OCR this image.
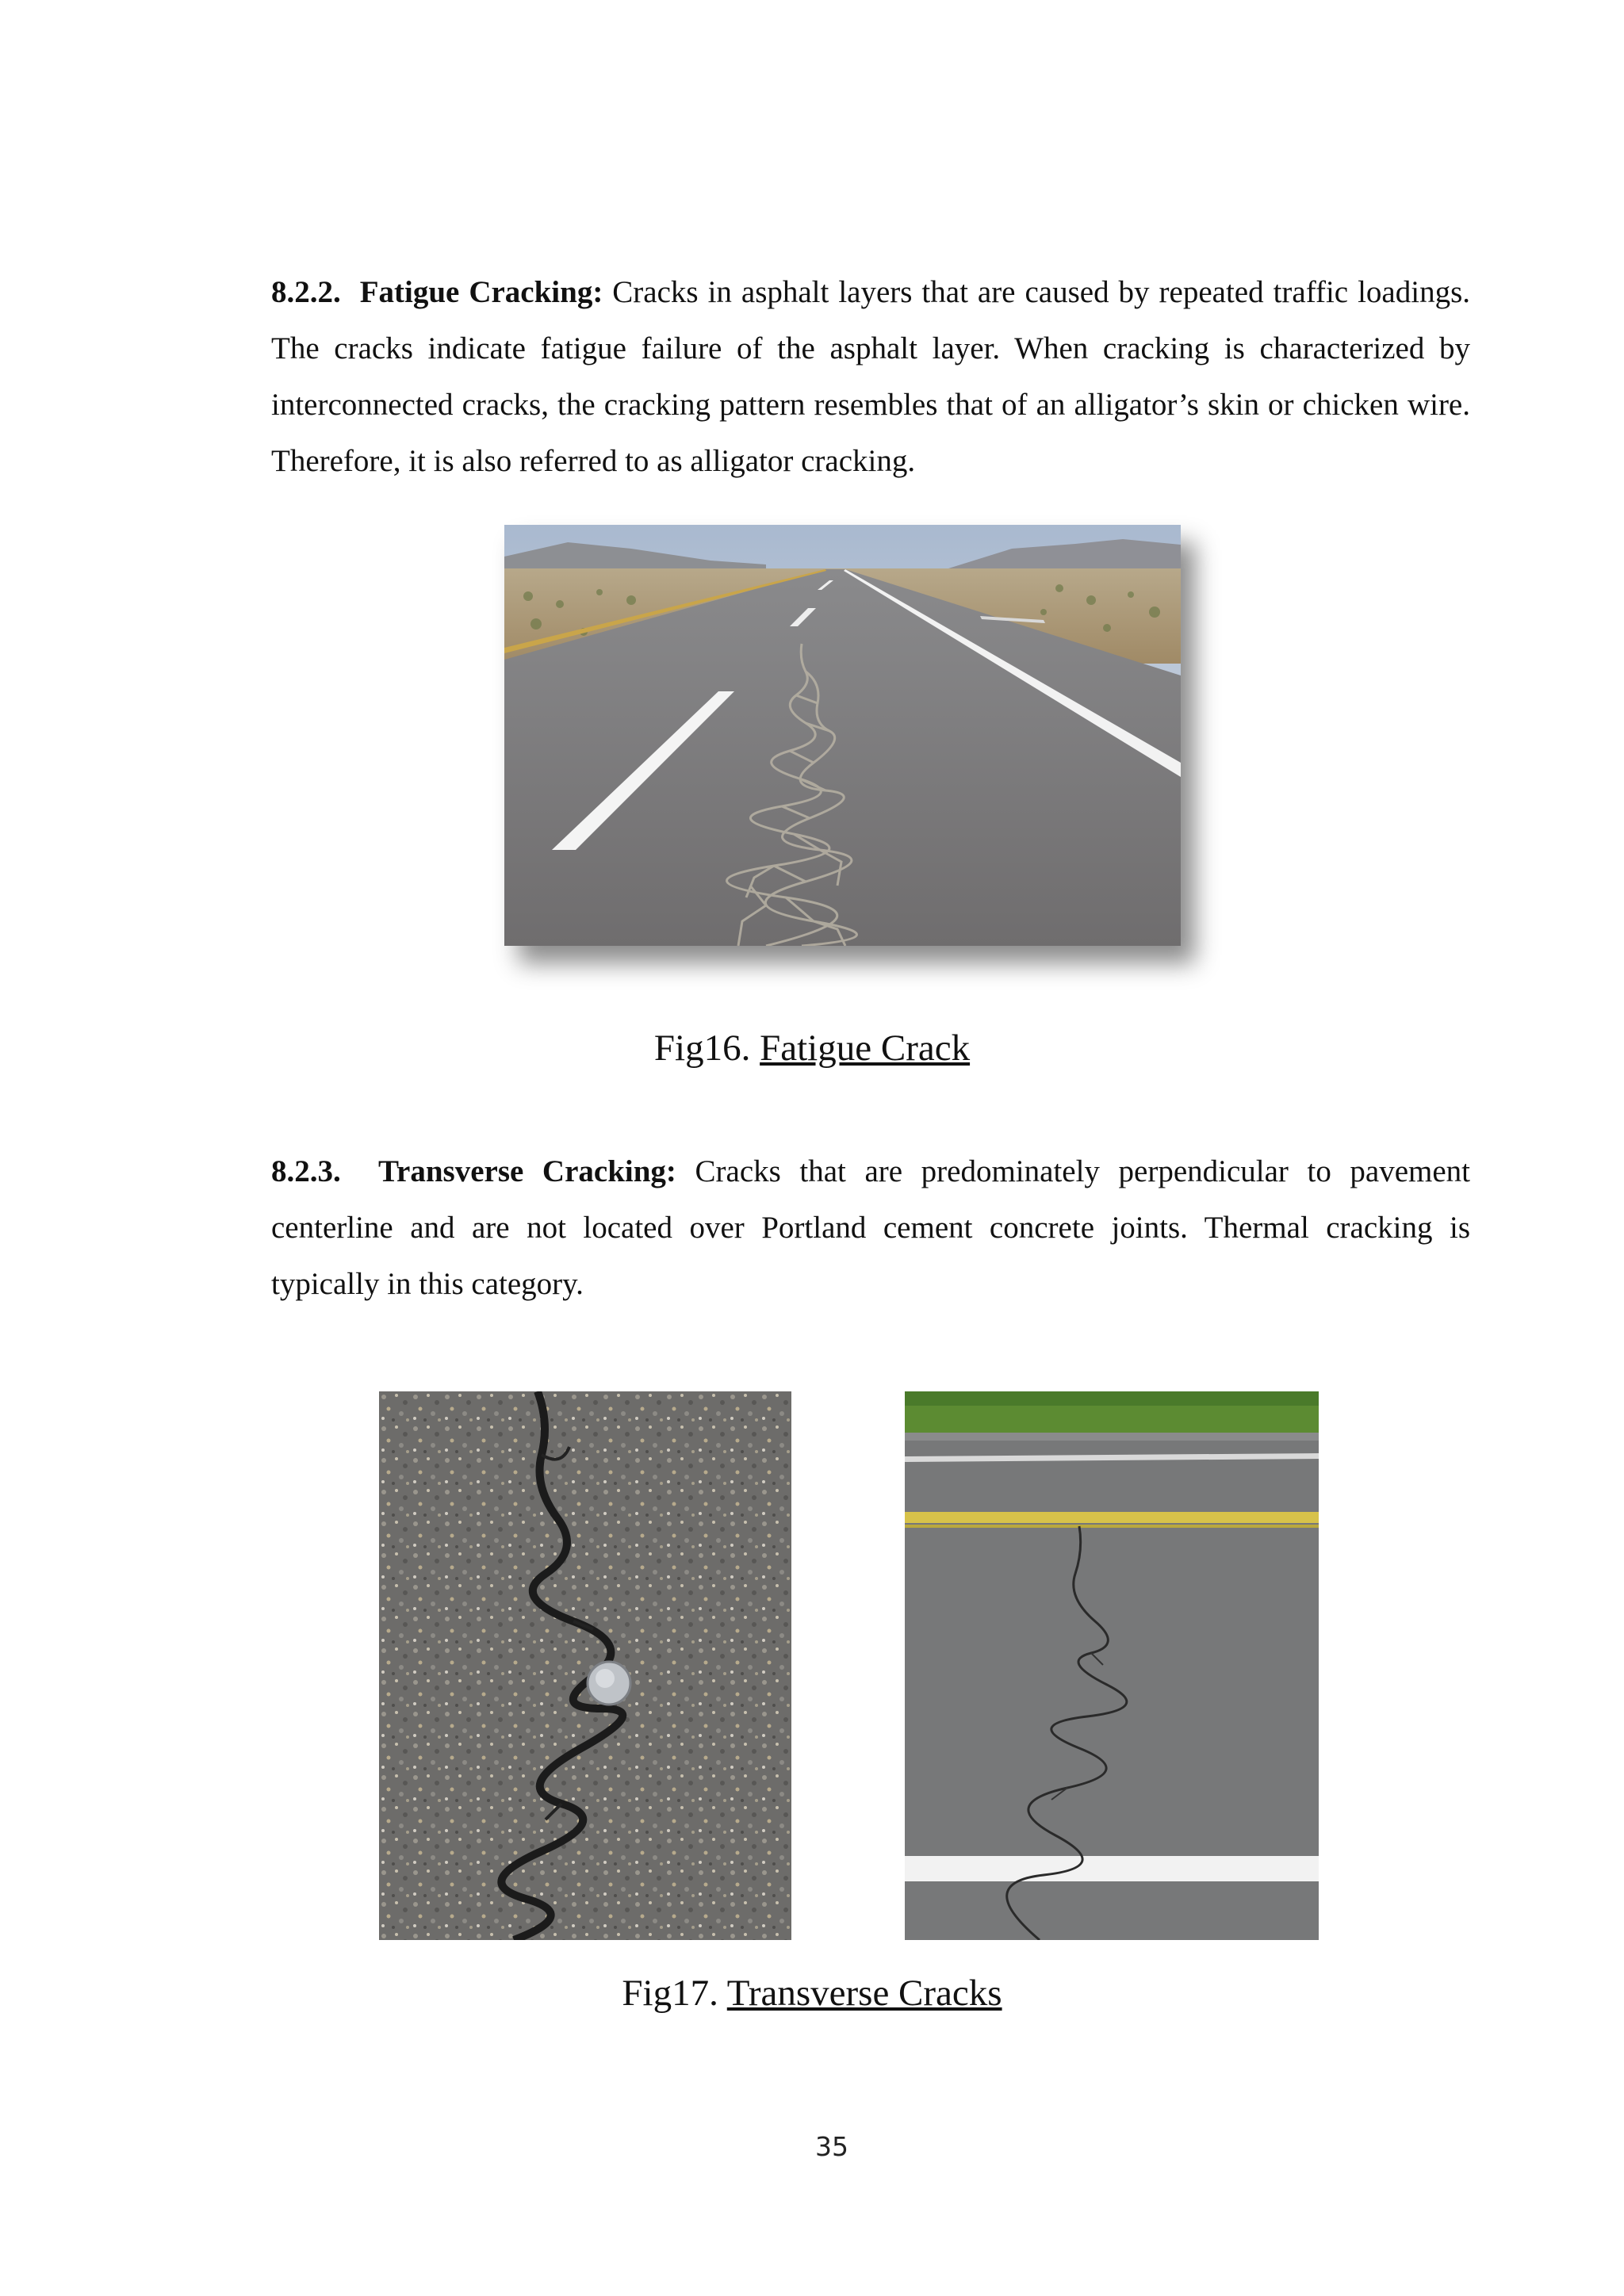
8.2.2. Fatigue Cracking: Cracks in asphalt layers that are caused by repeated traffic loadings. The cracks indicate fatigue failure of the asphalt layer. When cracking is characterized by interconnected cracks, the cracking pattern resembles that of an alligator’s skin or chicken wire. Therefore, it is also referred to as alligator cracking.
Fig16. Fatigue Crack
8.2.3. Transverse Cracking: Cracks that are predominately perpendicular to pavement centerline and are not located over Portland cement concrete joints. Thermal cracking is typically in this category.
Fig17. Transverse Cracks
35
